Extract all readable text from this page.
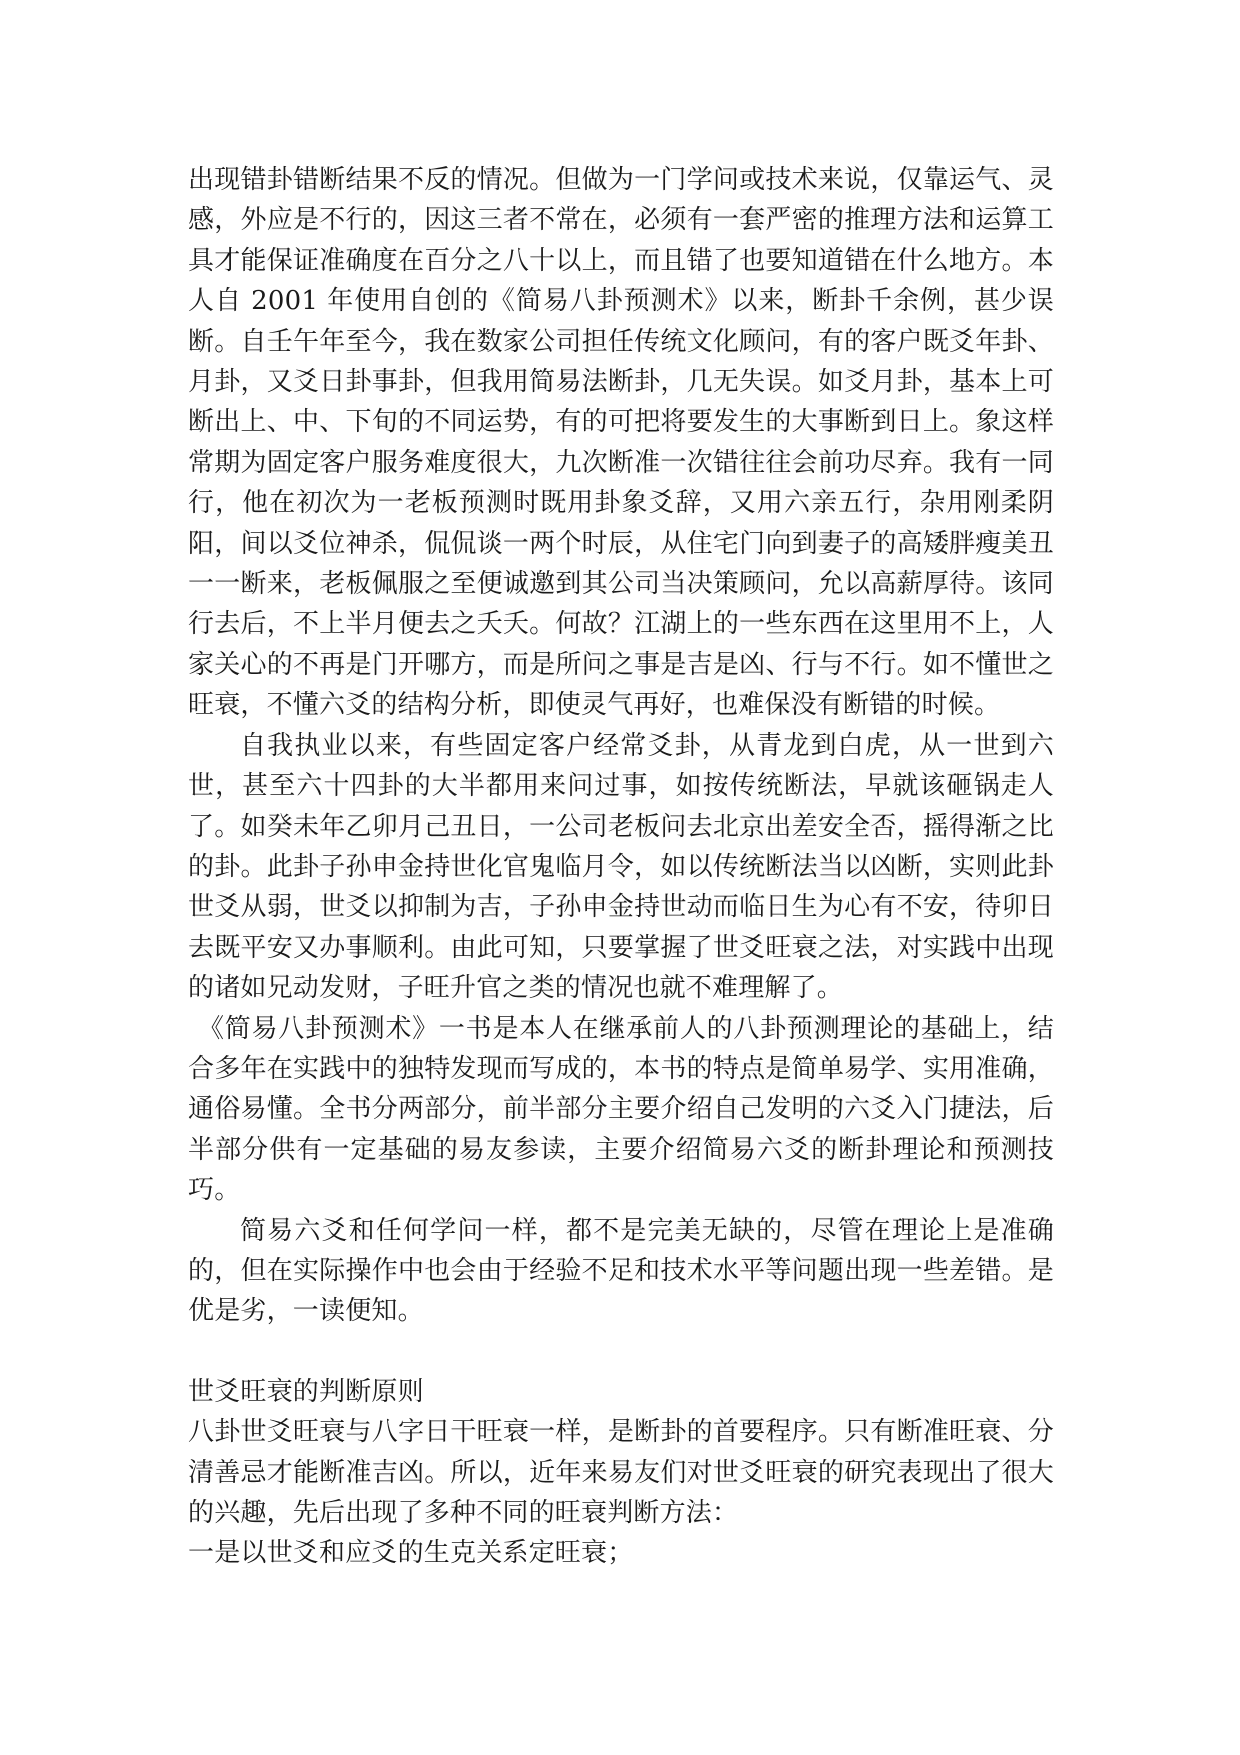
出现错卦错断结果不反的情况。但做为一门学问或技术来说，仅靠运气、灵感，外应是不行的，因这三者不常在，必须有一套严密的推理方法和运算工具才能保证准确度在百分之八十以上，而且错了也要知道错在什么地方。本人自 2001 年使用自创的《简易八卦预测术》以来，断卦千余例，甚少误断。自壬午年至今，我在数家公司担任传统文化顾问，有的客户既爻年卦、月卦，又爻日卦事卦，但我用简易法断卦，几无失误。如爻月卦，基本上可断出上、中、下旬的不同运势，有的可把将要发生的大事断到日上。象这样常期为固定客户服务难度很大，九次断准一次错往往会前功尽弃。我有一同行，他在初次为一老板预测时既用卦象爻辞，又用六亲五行，杂用刚柔阴阳，间以爻位神杀，侃侃谈一两个时辰，从住宅门向到妻子的高矮胖瘦美丑一一断来，老板佩服之至便诚邀到其公司当决策顾问，允以高薪厚待。该同行去后，不上半月便去之夭夭。何故？江湖上的一些东西在这里用不上，人家关心的不再是门开哪方，而是所问之事是吉是凶、行与不行。如不懂世之旺衰，不懂六爻的结构分析，即使灵气再好，也难保没有断错的时候。

自我执业以来，有些固定客户经常爻卦，从青龙到白虎，从一世到六世，甚至六十四卦的大半都用来问过事，如按传统断法，早就该砸锅走人了。如癸未年乙卯月己丑日，一公司老板问去北京出差安全否，摇得渐之比的卦。此卦子孙申金持世化官鬼临月令，如以传统断法当以凶断，实则此卦世爻从弱，世爻以抑制为吉，子孙申金持世动而临日生为心有不安，待卯日去既平安又办事顺利。由此可知，只要掌握了世爻旺衰之法，对实践中出现的诸如兄动发财，子旺升官之类的情况也就不难理解了。

《简易八卦预测术》一书是本人在继承前人的八卦预测理论的基础上，结合多年在实践中的独特发现而写成的，本书的特点是简单易学、实用准确，通俗易懂。全书分两部分，前半部分主要介绍自己发明的六爻入门捷法，后半部分供有一定基础的易友参读，主要介绍简易六爻的断卦理论和预测技巧。

简易六爻和任何学问一样，都不是完美无缺的，尽管在理论上是准确的，但在实际操作中也会由于经验不足和技术水平等问题出现一些差错。是优是劣，一读便知。

世爻旺衰的判断原则

八卦世爻旺衰与八字日干旺衰一样，是断卦的首要程序。只有断准旺衰、分清善忌才能断准吉凶。所以，近年来易友们对世爻旺衰的研究表现出了很大的兴趣，先后出现了多种不同的旺衰判断方法：

一是以世爻和应爻的生克关系定旺衰；
